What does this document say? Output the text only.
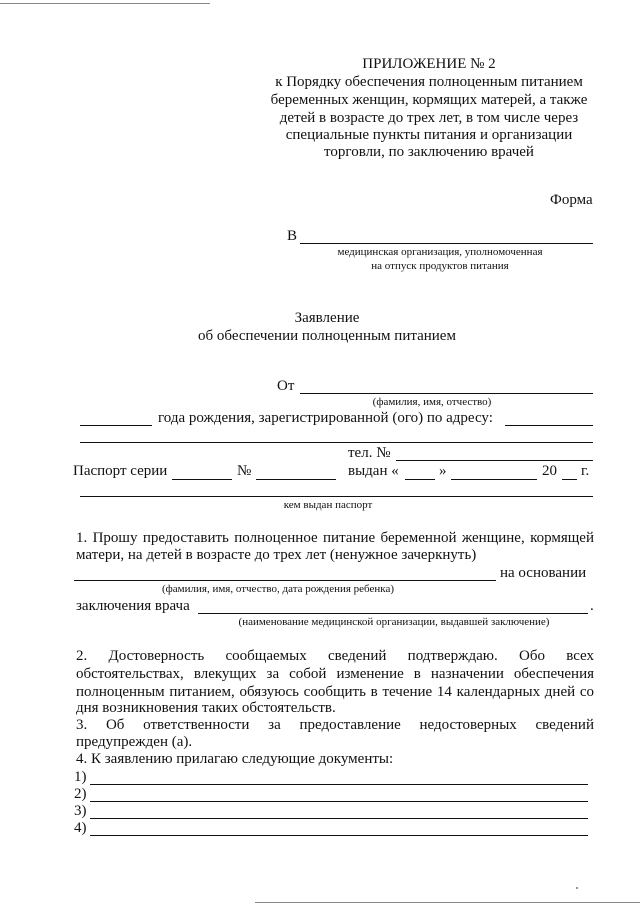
ПРИЛОЖЕНИЕ № 2
к Порядку обеспечения полноценным питанием
беременных женщин, кормящих матерей, а также
детей в возрасте до трех лет, в том числе через
специальные пункты питания и организации
торговли, по заключению врачей
Форма
В
медицинская организация, уполномоченная
на отпуск продуктов питания
Заявление
об обеспечении полноценным питанием
От
(фамилия, имя, отчество)
года рождения, зарегистрированной (ого) по адресу:
тел. №
Паспорт серии	№	выдан «	»	20 г.
кем выдан паспорт
1. Прошу предоставить полноценное питание беременной женщине, кормящей
матери, на детей в возрасте до трех лет (ненужное зачеркнуть)
на основании
(фамилия, имя, отчество, дата рождения ребенка)
заключения врача	.
(наименование медицинской организации, выдавшей заключение)
2. Достоверность сообщаемых сведений подтверждаю. Обо всех
обстоятельствах, влекущих за собой изменение в назначении обеспечения
полноценным питанием, обязуюсь сообщить в течение 14 календарных дней со
дня возникновения таких обстоятельств.
3. Об ответственности за предоставление недостоверных сведений
предупрежден (а).
4. К заявлению прилагаю следующие документы:
1)
2)
3)
4)
